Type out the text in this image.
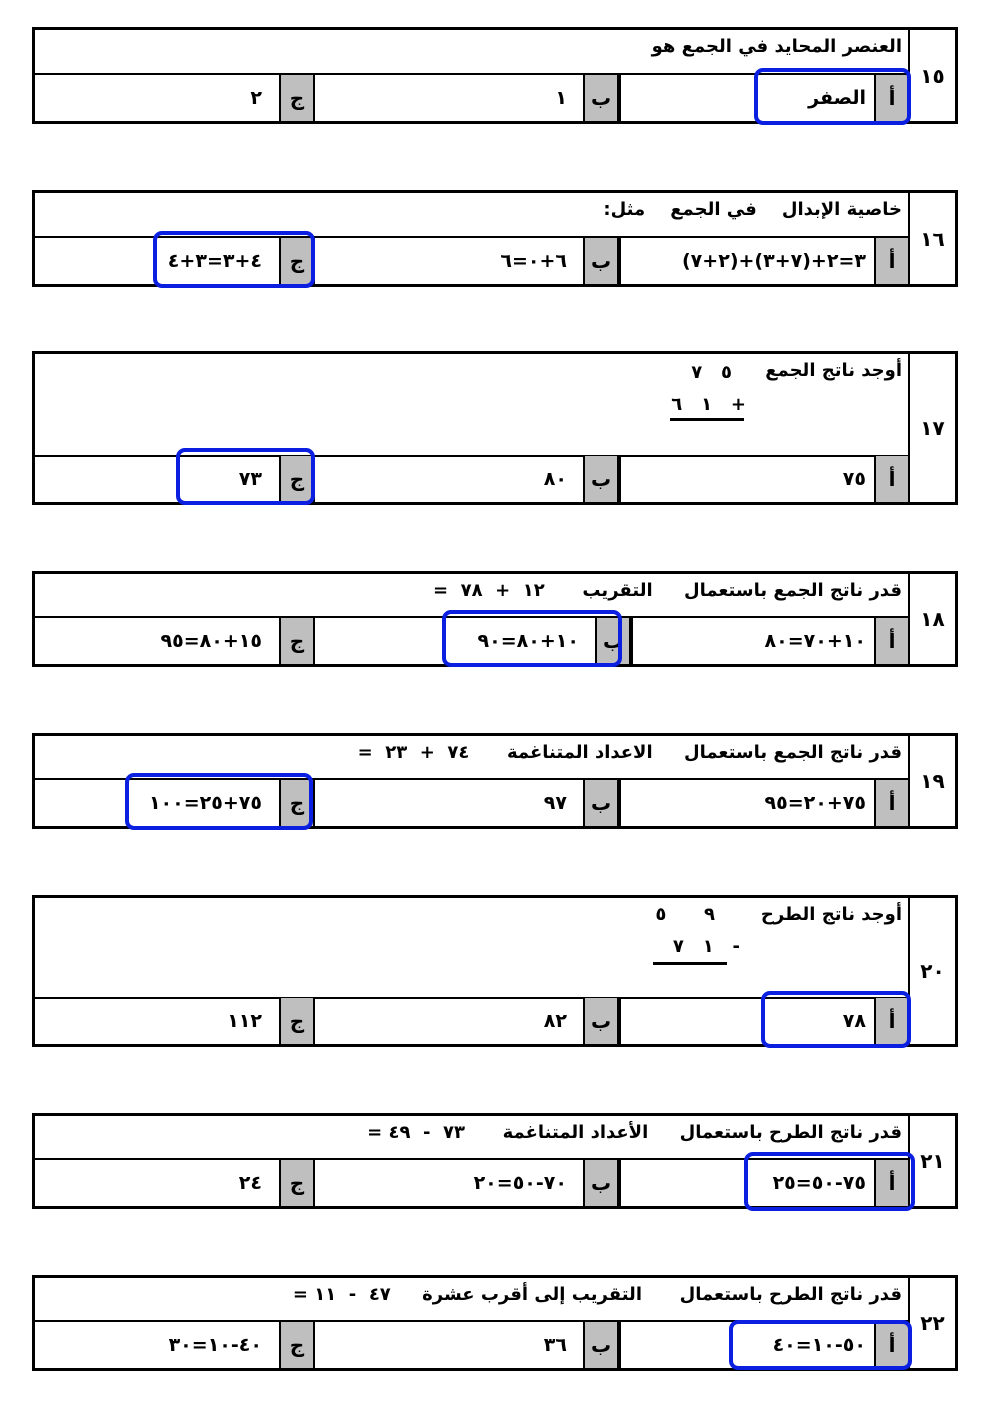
١٥
العنصر المحايد في الجمع هو
أ
الصفر
ب
١
ج
٢
١٦
خاصية الإبدال    في الجمع    مثل:
أ
(٢+٧)+٣=٢+(٧+٣)
ب
٦+٠=٦
ج
٤+٣=٣+٤
١٧
أوجد ناتج الجمع
٥   ٧
١   ٦   +
أ
٧٥
ب
٨٠
ج
٧٣
١٨
قدر ناتج الجمع باستعمال     التقريب      ١٢  +  ٧٨  =
أ
١٠+٧٠=٨٠
ب
١٠+٨٠=٩٠
ج
١٥+٨٠=٩٥
١٩
قدر ناتج الجمع باستعمال     الاعداد المتناغمة      ٧٤  +  ٢٣  =
أ
٧٥+٢٠=٩٥
ب
٩٧
ج
٧٥+٢٥=١٠٠
٢٠
أوجد ناتج الطرح
٩      ٥
١   ٧   -
أ
٧٨
ب
٨٢
ج
١١٢
٢١
قدر ناتج الطرح باستعمال     الأعداد المتناغمة      ٧٣  -  ٤٩ =
أ
٧٥-٥٠=٢٥
ب
٧٠-٥٠=٢٠
ج
٢٤
٢٢
قدر ناتج الطرح باستعمال      التقريب إلى أقرب عشرة     ٤٧  -  ١١ =
أ
٥٠-١٠=٤٠
ب
٣٦
ج
٤٠-١٠=٣٠
